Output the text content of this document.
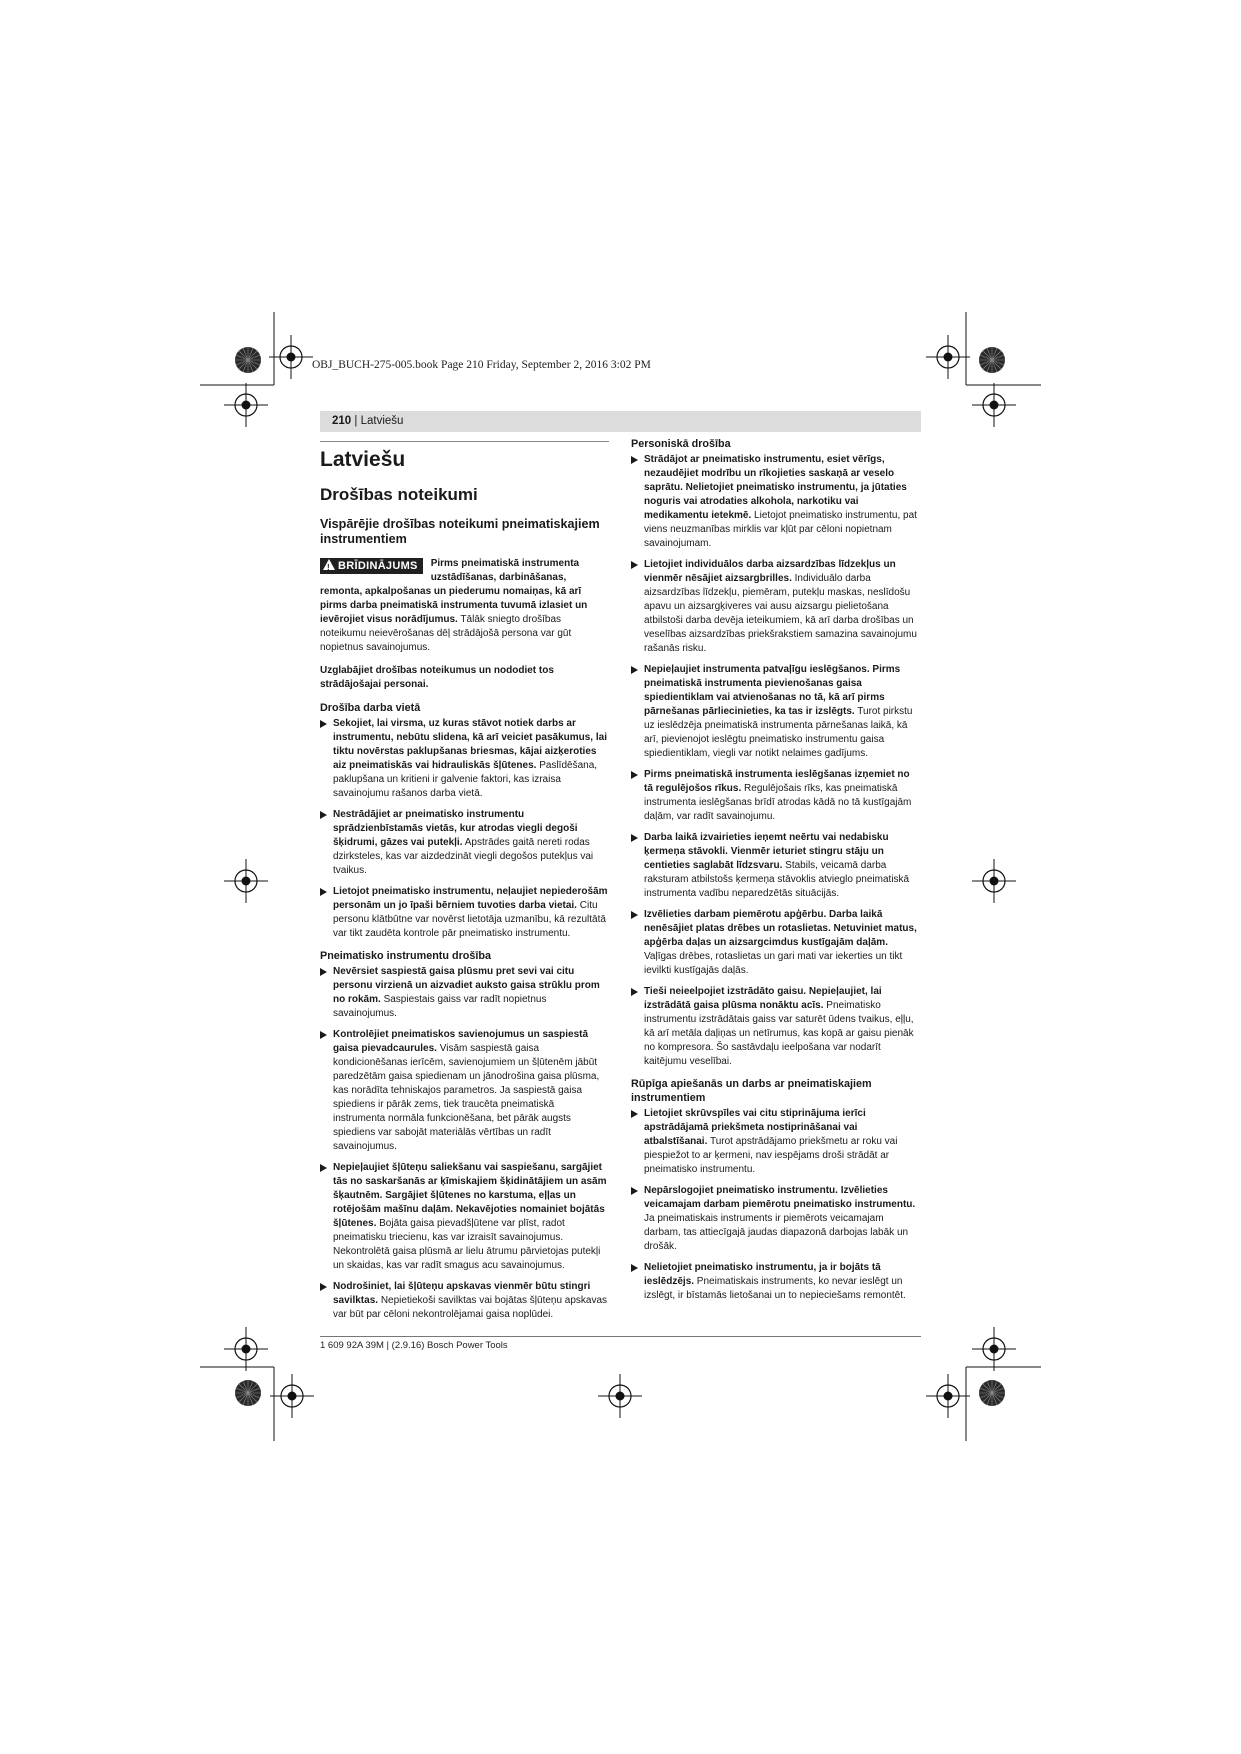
OBJ_BUCH-275-005.book Page 210 Friday, September 2, 2016 3:02 PM
210 | Latviešu
Latviešu
Drošības noteikumi
Vispārējie drošības noteikumi pneimatiskajiem instrumentiem
!BRĪDINĀJUMS	Pirms pneimatiskā instrumenta uzstādīšanas, darbināšanas, remonta, apkalpošanas un piederumu nomaiņas, kā arī pirms darba pneimatiskā instrumenta tuvumā izlasiet un ievērojiet visus norādījumus. Tālāk sniegto drošības noteikumu neievērošanas dēļ strādājošā persona var gūt nopietnus savainojumus.

Uzglabājiet drošības noteikumus un nododiet tos strādājošajai personai.

Drošība darba vietā
Sekojiet, lai virsma, uz kuras stāvot notiek darbs ar instrumentu, nebūtu slidena, kā arī veiciet pasākumus, lai tiktu novērstas paklupšanas briesmas, kājai aizķeroties aiz pneimatiskās vai hidrauliskās šļūtenes. Paslīdēšana, paklupšana un kritieni ir galvenie faktori, kas izraisa savainojumu rašanos darba vietā.
Nestrādājiet ar pneimatisko instrumentu sprādzienbīstamās vietās, kur atrodas viegli degoši šķidrumi, gāzes vai putekļi. Apstrādes gaitā nereti rodas dzirksteles, kas var aizdedzināt viegli degošos putekļus vai tvaikus.
Lietojot pneimatisko instrumentu, neļaujiet nepiederošām personām un jo īpaši bērniem tuvoties darba vietai. Citu personu klātbūtne var novērst lietotāja uzmanību, kā rezultātā var tikt zaudēta kontrole pār pneimatisko instrumentu.
Pneimatisko instrumentu drošība
Nevērsiet saspiestā gaisa plūsmu pret sevi vai citu personu virzienā un aizvadiet auksto gaisa strūklu prom no rokām. Saspiestais gaiss var radīt nopietnus savainojumus.
Kontrolējiet pneimatiskos savienojumus un saspiestā gaisa pievadcaurules. Visām saspiestā gaisa kondicionēšanas ierīcēm, savienojumiem un šļūtenēm jābūt paredzētām gaisa spiedienam un jānodrošina gaisa plūsma, kas norādīta tehniskajos parametros. Ja saspiestā gaisa spiediens ir pārāk zems, tiek traucēta pneimatiskā instrumenta normāla funkcionēšana, bet pārāk augsts spiediens var sabojāt materiālās vērtības un radīt savainojumus.
Nepieļaujiet šļūteņu saliekšanu vai saspiešanu, sargājiet tās no saskaršanās ar ķīmiskajiem šķidinātājiem un asām šķautnēm. Sargājiet šļūtenes no karstuma, eļļas un rotējošām mašīnu daļām. Nekavējoties nomainiet bojātās šļūtenes. Bojāta gaisa pievadšļūtene var plīst, radot pneimatisku triecienu, kas var izraisīt savainojumus. Nekontrolētā gaisa plūsmā ar lielu ātrumu pārvietojas putekļi un skaidas, kas var radīt smagus acu savainojumus.
Nodrošiniet, lai šļūteņu apskavas vienmēr būtu stingri savilktas. Nepietiekoši savilktas vai bojātas šļūteņu apskavas var būt par cēloni nekontrolējamai gaisa noplūdei.
Personiskā drošība
Strādājot ar pneimatisko instrumentu, esiet vērīgs, nezaudējiet modrību un rīkojieties saskaņā ar veselo saprātu. Nelietojiet pneimatisko instrumentu, ja jūtaties noguris vai atrodaties alkohola, narkotiku vai medikamentu ietekmē. Lietojot pneimatisko instrumentu, pat viens neuzmanības mirklis var kļūt par cēloni nopietnam savainojumam.
Lietojiet individuālos darba aizsardzības līdzekļus un vienmēr nēsājiet aizsargbrilles. Individuālo darba aizsardzības līdzekļu, piemēram, putekļu maskas, neslīdošu apavu un aizsargķiveres vai ausu aizsargu pielietošana atbilstoši darba devēja ieteikumiem, kā arī darba drošības un veselības aizsardzības priekšrakstiem samazina savainojumu rašanās risku.
Nepieļaujiet instrumenta patvaļīgu ieslēgšanos. Pirms pneimatiskā instrumenta pievienošanas gaisa spiedientiklam vai atvienošanas no tā, kā arī pirms pārnešanas pārliecinieties, ka tas ir izslēgts. Turot pirkstu uz ieslēdzēja pneimatiskā instrumenta pārnešanas laikā, kā arī, pievienojot ieslēgtu pneimatisko instrumentu gaisa spiedientiklam, viegli var notikt nelaimes gadījums.
Pirms pneimatiskā instrumenta ieslēgšanas izņemiet no tā regulējošos rīkus. Regulējošais rīks, kas pneimatiskā instrumenta ieslēgšanas brīdī atrodas kādā no tā kustīgajām daļām, var radīt savainojumu.
Darba laikā izvairieties ieņemt neērtu vai nedabisku ķermeņa stāvokli. Vienmēr ieturiet stingru stāju un centieties saglabāt līdzsvaru. Stabils, veicamā darba raksturam atbilstošs ķermeņa stāvoklis atvieglo pneimatiskā instrumenta vadību neparedzētās situācijās.
Izvēlieties darbam piemērotu apģērbu. Darba laikā nenēsājiet platas drēbes un rotaslietas. Netuviniet matus, apģērba daļas un aizsargcimdus kustīgajām daļām. Vaļīgas drēbes, rotaslietas un gari mati var iekerties un tikt ievilkti kustīgajās daļās.
Tieši neieelpojiet izstrādāto gaisu. Nepieļaujiet, lai izstrādātā gaisa plūsma nonāktu acīs. Pneimatisko instrumentu izstrādātais gaiss var saturēt ūdens tvaikus, eļļu, kā arī metāla daļiņas un netīrumus, kas kopā ar gaisu pienāk no kompresora. Šo sastāvdaļu ieelpošana var nodarīt kaitējumu veselībai.
Rūpīga apiešanās un darbs ar pneimatiskajiem instrumentiem
Lietojiet skrūvspīles vai citu stiprinājuma ierīci apstrādājamā priekšmeta nostiprināšanai vai atbalstīšanai. Turot apstrādājamo priekšmetu ar roku vai piespiežot to ar ķermeni, nav iespējams droši strādāt ar pneimatisko instrumentu.
Nepārslogojiet pneimatisko instrumentu. Izvēlieties veicamajam darbam piemērotu pneimatisko instrumentu. Ja pneimatiskais instruments ir piemērots veicamajam darbam, tas attiecīgajā jaudas diapazonā darbojas labāk un drošāk.
Nelietojiet pneimatisko instrumentu, ja ir bojāts tā ieslēdzējs. Pneimatiskais instruments, ko nevar ieslēgt un izslēgt, ir bīstamās lietošanai un to nepieciešams remontēt.
1 609 92A 39M | (2.9.16) Bosch Power Tools
